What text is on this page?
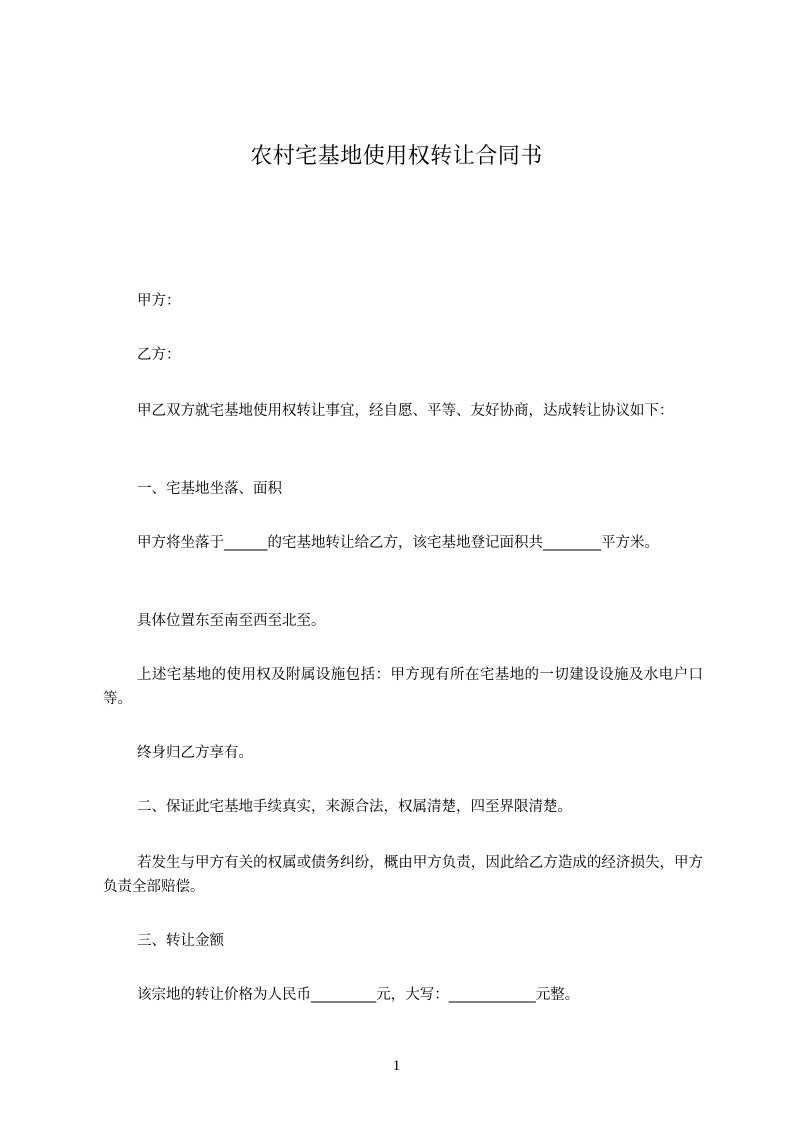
农村宅基地使用权转让合同书
甲方：
乙方：
甲乙双方就宅基地使用权转让事宜，经自愿、平等、友好协商，达成转让协议如下：
一、宅基地坐落、面积
甲方将坐落于______的宅基地转让给乙方，该宅基地登记面积共________平方米。
具体位置东至南至西至北至。
上述宅基地的使用权及附属设施包括：甲方现有所在宅基地的一切建设设施及水电户口等。
终身归乙方享有。
二、保证此宅基地手续真实，来源合法，权属清楚，四至界限清楚。
若发生与甲方有关的权属或债务纠纷，概由甲方负责，因此给乙方造成的经济损失，甲方负责全部赔偿。
三、转让金额
该宗地的转让价格为人民币_________元，大写：____________元整。
1
